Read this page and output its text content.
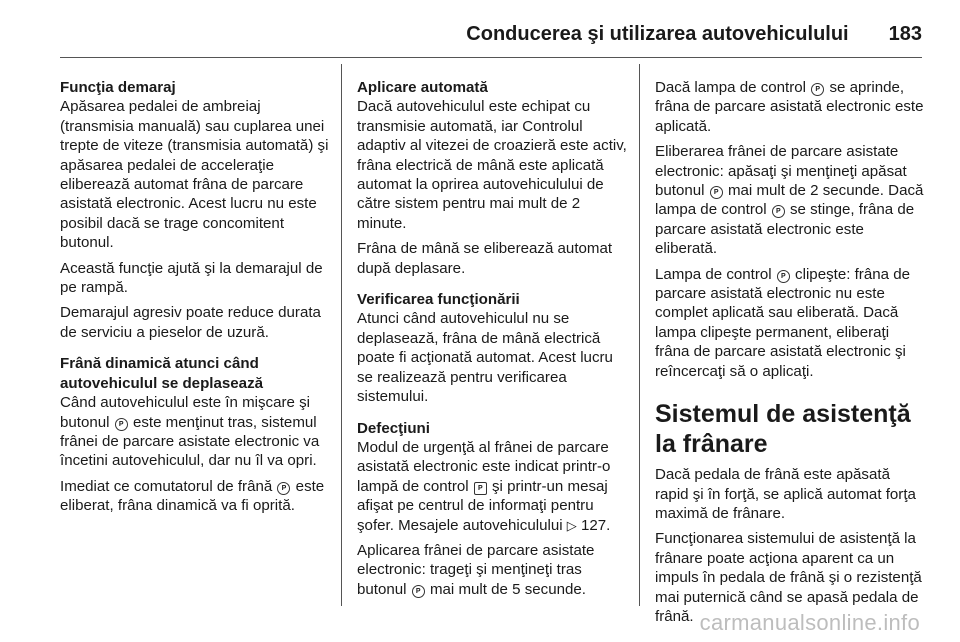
Conducerea şi utilizarea autovehiculului 183
Funcţia demaraj

Apăsarea pedalei de ambreiaj (transmisia manuală) sau cuplarea unei trepte de viteze (transmisia automată) şi apăsarea pedalei de acceleraţie eliberează automat frâna de parcare asistată electronic. Acest lucru nu este posibil dacă se trage concomitent butonul.

Această funcţie ajută şi la demarajul de pe rampă.

Demarajul agresiv poate reduce durata de serviciu a pieselor de uzură.

Frână dinamică atunci când autovehiculul se deplasează

Când autovehiculul este în mişcare şi butonul P este menţinut tras, sistemul frânei de parcare asistate electronic va încetini autovehiculul, dar nu îl va opri.

Imediat ce comutatorul de frână P este eliberat, frâna dinamică va fi oprită.

Aplicare automată

Dacă autovehiculul este echipat cu transmisie automată, iar Controlul adaptiv al vitezei de croazieră este activ, frâna electrică de mână este aplicată automat la oprirea autovehiculului de către sistem pentru mai mult de 2 minute.

Frâna de mână se eliberează automat după deplasare.

Verificarea funcţionării

Atunci când autovehiculul nu se deplasează, frâna de mână electrică poate fi acţionată automat. Acest lucru se realizează pentru verificarea sistemului.

Defecţiuni

Modul de urgenţă al frânei de parcare asistată electronic este indicat printr-o lampă de control P şi printr-un mesaj afişat pe centrul de informaţi pentru şofer. Mesajele autovehiculului ▷ 127.

Aplicarea frânei de parcare asistate electronic: trageţi şi menţineţi tras butonul P mai mult de 5 secunde.

Dacă lampa de control P se aprinde, frâna de parcare asistată electronic este aplicată.

Eliberarea frânei de parcare asistate electronic: apăsaţi şi menţineţi apăsat butonul P mai mult de 2 secunde. Dacă lampa de control P se stinge, frâna de parcare asistată electronic este eliberată.

Lampa de control P clipeşte: frâna de parcare asistată electronic nu este complet aplicată sau eliberată. Dacă lampa clipeşte permanent, eliberaţi frâna de parcare asistată electronic şi reîncercaţi să o aplicaţi.

Sistemul de asistenţă la frânare

Dacă pedala de frână este apăsată rapid şi în forţă, se aplică automat forţa maximă de frânare.

Funcţionarea sistemului de asistenţă la frânare poate acţiona aparent ca un impuls în pedala de frână şi o rezistenţă mai puternică când se apasă pedala de frână. carmanualsonline.info
